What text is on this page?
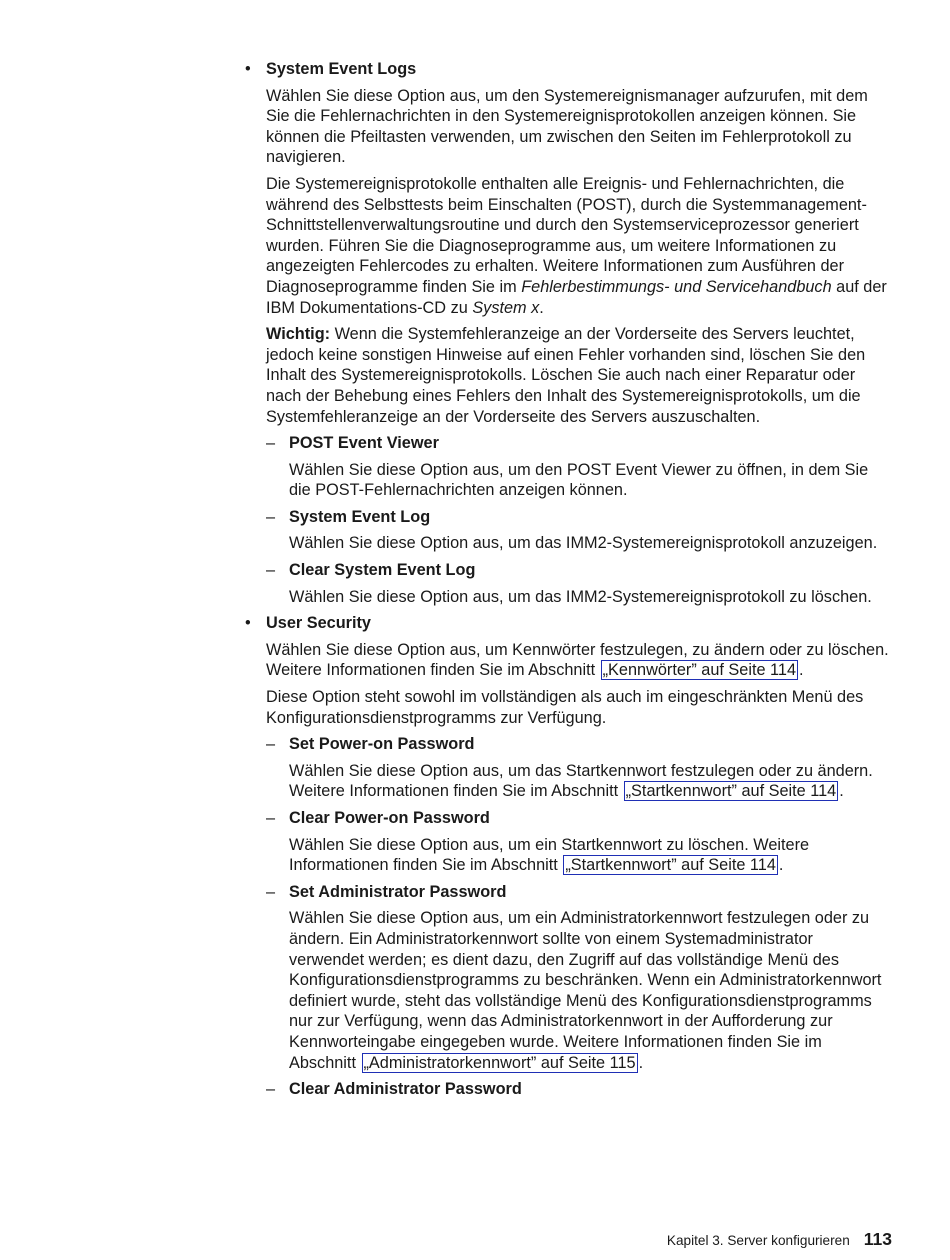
• System Event Logs

Wählen Sie diese Option aus, um den Systemereignismanager aufzurufen, mit dem Sie die Fehlernachrichten in den Systemereignisprotokollen anzeigen können. Sie können die Pfeiltasten verwenden, um zwischen den Seiten im Fehlerprotokoll zu navigieren.

Die Systemereignisprotokolle enthalten alle Ereignis- und Fehlernachrichten, die während des Selbsttests beim Einschalten (POST), durch die Systemmanagement-Schnittstellenverwaltungsroutine und durch den Systemserviceprozessor generiert wurden. Führen Sie die Diagnoseprogramme aus, um weitere Informationen zu angezeigten Fehlercodes zu erhalten. Weitere Informationen zum Ausführen der Diagnoseprogramme finden Sie im Fehlerbestimmungs- und Servicehandbuch auf der IBM Dokumentations-CD zu System x.

Wichtig: Wenn die Systemfehleranzeige an der Vorderseite des Servers leuchtet, jedoch keine sonstigen Hinweise auf einen Fehler vorhanden sind, löschen Sie den Inhalt des Systemereignisprotokolls. Löschen Sie auch nach einer Reparatur oder nach der Behebung eines Fehlers den Inhalt des Systemereignisprotokolls, um die Systemfehleranzeige an der Vorderseite des Servers auszuschalten.

– POST Event Viewer

Wählen Sie diese Option aus, um den POST Event Viewer zu öffnen, in dem Sie die POST-Fehlernachrichten anzeigen können.

– System Event Log

Wählen Sie diese Option aus, um das IMM2-Systemereignisprotokoll anzuzeigen.

– Clear System Event Log

Wählen Sie diese Option aus, um das IMM2-Systemereignisprotokoll zu löschen.

• User Security

Wählen Sie diese Option aus, um Kennwörter festzulegen, zu ändern oder zu löschen. Weitere Informationen finden Sie im Abschnitt „Kennwörter” auf Seite 114 .

Diese Option steht sowohl im vollständigen als auch im eingeschränkten Menü des Konfigurationsdienstprogramms zur Verfügung.

– Set Power-on Password

Wählen Sie diese Option aus, um das Startkennwort festzulegen oder zu ändern. Weitere Informationen finden Sie im Abschnitt „Startkennwort” auf Seite 114 .

– Clear Power-on Password

Wählen Sie diese Option aus, um ein Startkennwort zu löschen. Weitere Informationen finden Sie im Abschnitt „Startkennwort” auf Seite 114 .

– Set Administrator Password

Wählen Sie diese Option aus, um ein Administratorkennwort festzulegen oder zu ändern. Ein Administratorkennwort sollte von einem Systemadministrator verwendet werden; es dient dazu, den Zugriff auf das vollständige Menü des Konfigurationsdienstprogramms zu beschränken. Wenn ein Administratorkennwort definiert wurde, steht das vollständige Menü des Konfigurationsdienstprogramms nur zur Verfügung, wenn das Administratorkennwort in der Aufforderung zur Kennworteingabe eingegeben wurde. Weitere Informationen finden Sie im Abschnitt „Administratorkennwort” auf Seite 115 .

– Clear Administrator Password

Kapitel 3. Server konfigurieren 113
